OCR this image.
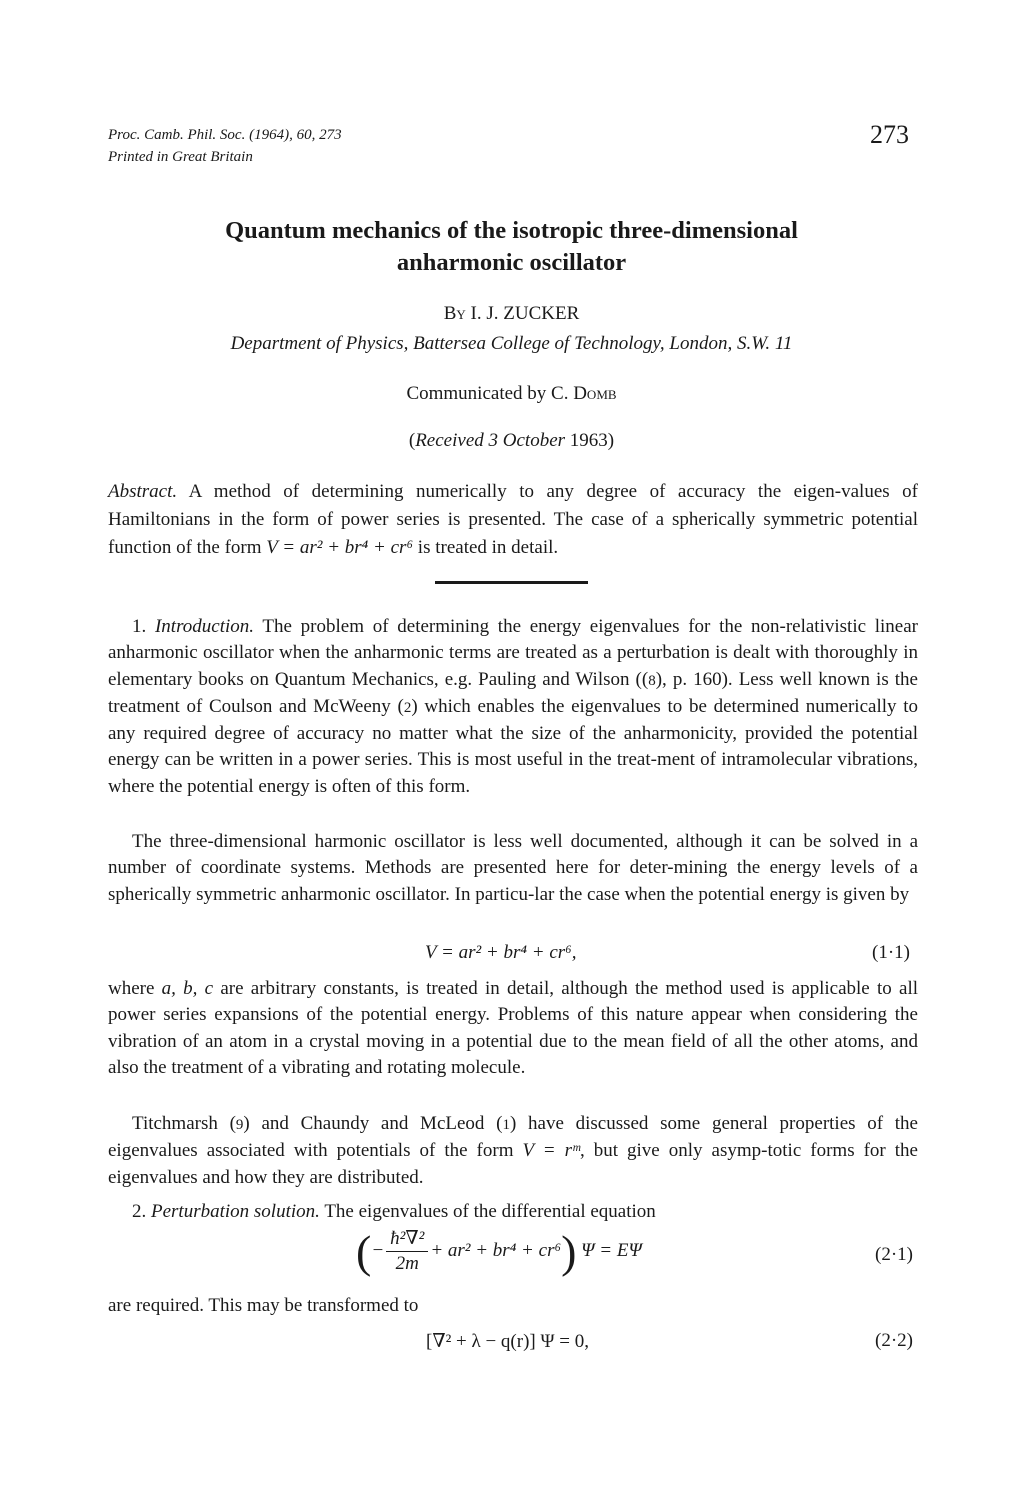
Proc. Camb. Phil. Soc. (1964), 60, 273
Printed in Great Britain
273
Quantum mechanics of the isotropic three-dimensional
anharmonic oscillator
By I. J. ZUCKER
Department of Physics, Battersea College of Technology, London, S.W. 11
Communicated by C. Domb
(Received 3 October 1963)
Abstract. A method of determining numerically to any degree of accuracy the eigen-values of Hamiltonians in the form of power series is presented. The case of a spherically symmetric potential function of the form V = ar² + br⁴ + cr⁶ is treated in detail.
1. Introduction. The problem of determining the energy eigenvalues for the non-relativistic linear anharmonic oscillator when the anharmonic terms are treated as a perturbation is dealt with thoroughly in elementary books on Quantum Mechanics, e.g. Pauling and Wilson ((8), p. 160). Less well known is the treatment of Coulson and McWeeny (2) which enables the eigenvalues to be determined numerically to any required degree of accuracy no matter what the size of the anharmonicity, provided the potential energy can be written in a power series. This is most useful in the treat-ment of intramolecular vibrations, where the potential energy is often of this form.
The three-dimensional harmonic oscillator is less well documented, although it can be solved in a number of coordinate systems. Methods are presented here for deter-mining the energy levels of a spherically symmetric anharmonic oscillator. In particu-lar the case when the potential energy is given by
V = ar² + br⁴ + cr⁶,	(1·1)
where a, b, c are arbitrary constants, is treated in detail, although the method used is applicable to all power series expansions of the potential energy. Problems of this nature appear when considering the vibration of an atom in a crystal moving in a potential due to the mean field of all the other atoms, and also the treatment of a vibrating and rotating molecule.
Titchmarsh (9) and Chaundy and McLeod (1) have discussed some general properties of the eigenvalues associated with potentials of the form V = rᵐ, but give only asymp-totic forms for the eigenvalues and how they are distributed.
2. Perturbation solution. The eigenvalues of the differential equation
(− $\frac{\text{ħ²∇²}}{2m} + ar^2 + br^4 + cr^6$) Ψ = EΨ	(2·1)
are required. This may be transformed to
[∇² + λ − q(r)] Ψ = 0,	(2·2)
